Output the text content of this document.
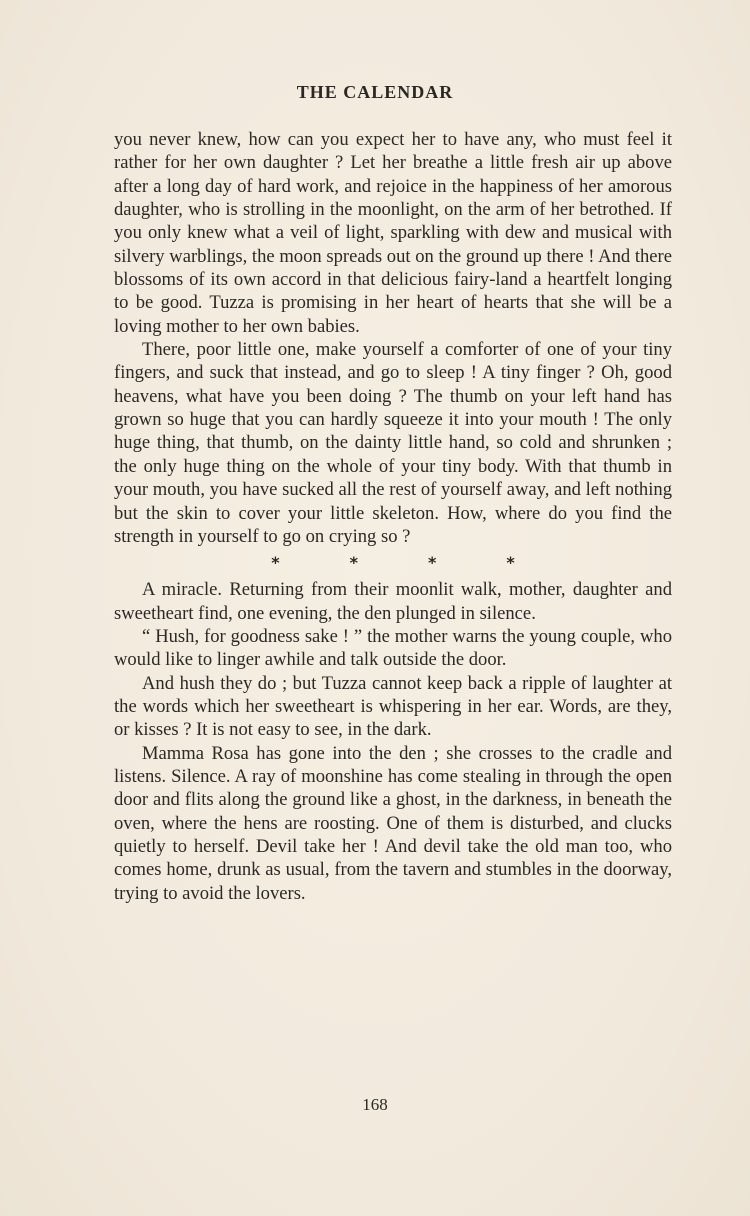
THE CALENDAR

you never knew, how can you expect her to have any, who must feel it rather for her own daughter ? Let her breathe a little fresh air up above after a long day of hard work, and rejoice in the happiness of her amorous daughter, who is strolling in the moonlight, on the arm of her betrothed. If you only knew what a veil of light, sparkling with dew and musical with silvery warblings, the moon spreads out on the ground up there ! And there blossoms of its own accord in that delicious fairy-land a heartfelt longing to be good. Tuzza is promising in her heart of hearts that she will be a loving mother to her own babies.

There, poor little one, make yourself a comforter of one of your tiny fingers, and suck that instead, and go to sleep ! A tiny finger ? Oh, good heavens, what have you been doing ? The thumb on your left hand has grown so huge that you can hardly squeeze it into your mouth ! The only huge thing, that thumb, on the dainty little hand, so cold and shrunken ; the only huge thing on the whole of your tiny body. With that thumb in your mouth, you have sucked all the rest of yourself away, and left nothing but the skin to cover your little skeleton. How, where do you find the strength in yourself to go on crying so ?

*	*	*	*

A miracle. Returning from their moonlit walk, mother, daughter and sweetheart find, one evening, the den plunged in silence.

“ Hush, for goodness sake ! ” the mother warns the young couple, who would like to linger awhile and talk outside the door.

And hush they do ; but Tuzza cannot keep back a ripple of laughter at the words which her sweetheart is whispering in her ear. Words, are they, or kisses ? It is not easy to see, in the dark.

Mamma Rosa has gone into the den ; she crosses to the cradle and listens. Silence. A ray of moonshine has come stealing in through the open door and flits along the ground like a ghost, in the darkness, in beneath the oven, where the hens are roosting. One of them is disturbed, and clucks quietly to herself. Devil take her ! And devil take the old man too, who comes home, drunk as usual, from the tavern and stumbles in the doorway, trying to avoid the lovers.

168
